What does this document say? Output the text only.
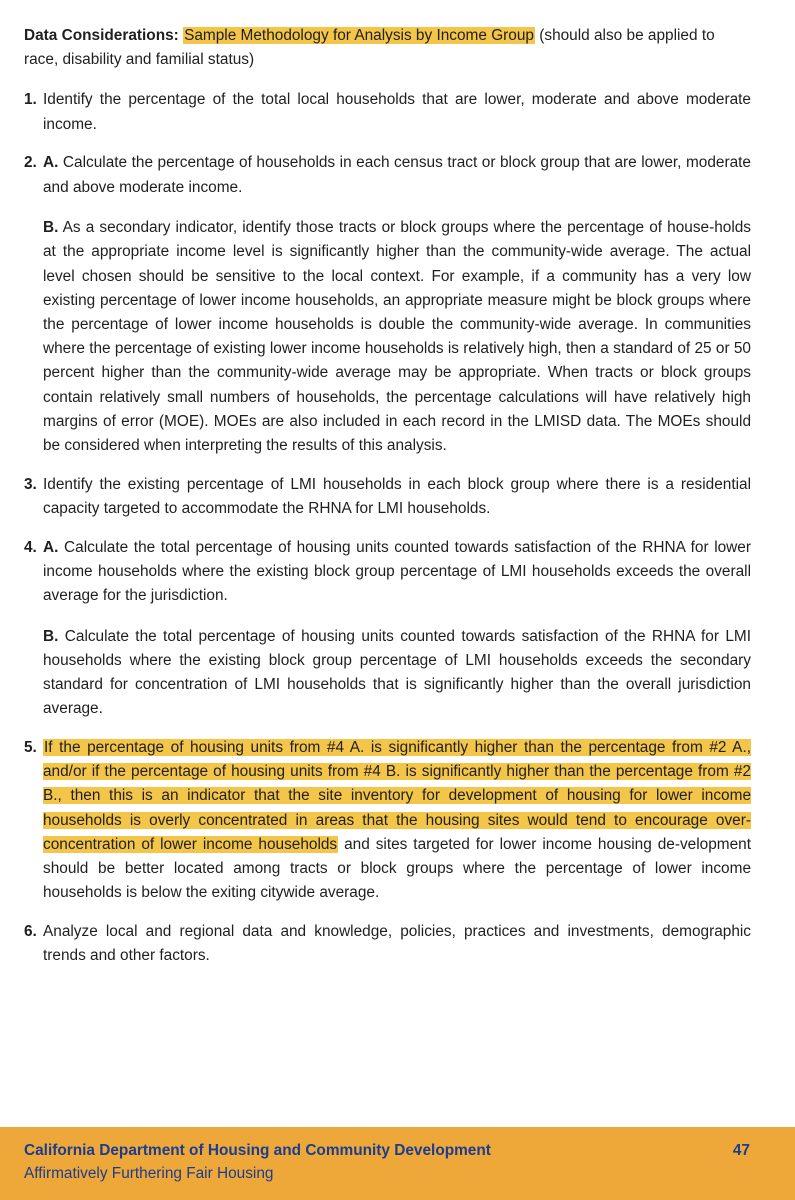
Data Considerations: Sample Methodology for Analysis by Income Group (should also be applied to race, disability and familial status)
1. Identify the percentage of the total local households that are lower, moderate and above moderate income.

2. A. Calculate the percentage of households in each census tract or block group that are lower, moderate and above moderate income.

B. As a secondary indicator, identify those tracts or block groups where the percentage of house-holds at the appropriate income level is significantly higher than the community-wide average. The actual level chosen should be sensitive to the local context. For example, if a community has a very low existing percentage of lower income households, an appropriate measure might be block groups where the percentage of lower income households is double the community-wide average. In communities where the percentage of existing lower income households is relatively high, then a standard of 25 or 50 percent higher than the community-wide average may be appropriate. When tracts or block groups contain relatively small numbers of households, the percentage calculations will have relatively high margins of error (MOE). MOEs are also included in each record in the LMISD data. The MOEs should be considered when interpreting the results of this analysis.

3. Identify the existing percentage of LMI households in each block group where there is a residential capacity targeted to accommodate the RHNA for LMI households.

4. A. Calculate the total percentage of housing units counted towards satisfaction of the RHNA for lower income households where the existing block group percentage of LMI households exceeds the overall average for the jurisdiction.

B. Calculate the total percentage of housing units counted towards satisfaction of the RHNA for LMI households where the existing block group percentage of LMI households exceeds the secondary standard for concentration of LMI households that is significantly higher than the overall jurisdiction average.

5. If the percentage of housing units from #4 A. is significantly higher than the percentage from #2 A., and/or if the percentage of housing units from #4 B. is significantly higher than the percentage from #2 B., then this is an indicator that the site inventory for development of housing for lower income households is overly concentrated in areas that the housing sites would tend to encourage over-concentration of lower income households and sites targeted for lower income housing de-velopment should be better located among tracts or block groups where the percentage of lower income households is below the exiting citywide average.

6. Analyze local and regional data and knowledge, policies, practices and investments, demographic trends and other factors.

California Department of Housing and Community Development
Affirmatively Furthering Fair Housing
47
